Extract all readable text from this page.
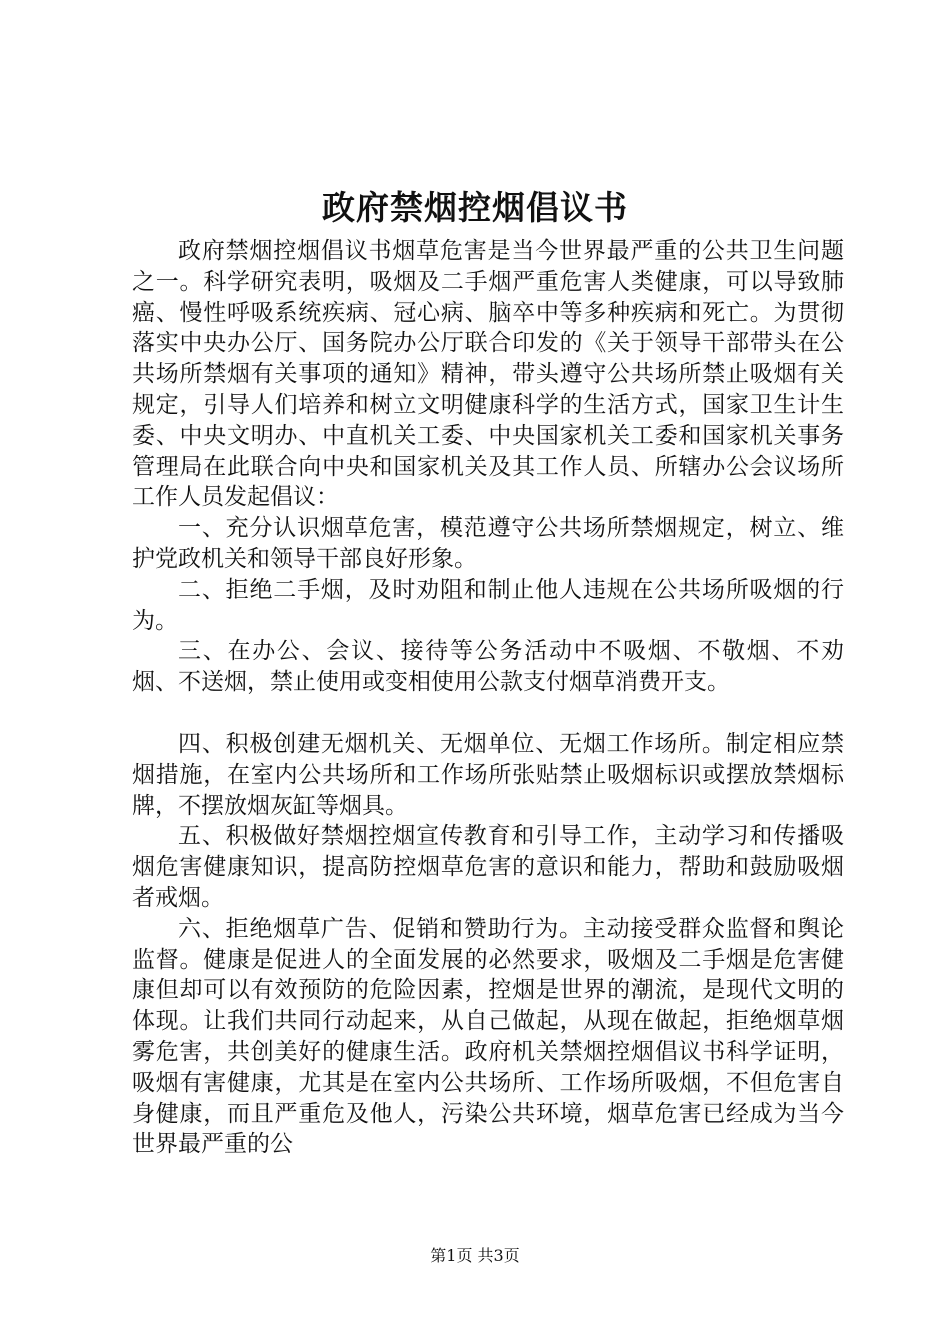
政府禁烟控烟倡议书

政府禁烟控烟倡议书烟草危害是当今世界最严重的公共卫生问题之一。科学研究表明，吸烟及二手烟严重危害人类健康，可以导致肺癌、慢性呼吸系统疾病、冠心病、脑卒中等多种疾病和死亡。为贯彻落实中央办公厅、国务院办公厅联合印发的《关于领导干部带头在公共场所禁烟有关事项的通知》精神，带头遵守公共场所禁止吸烟有关规定，引导人们培养和树立文明健康科学的生活方式，国家卫生计生委、中央文明办、中直机关工委、中央国家机关工委和国家机关事务管理局在此联合向中央和国家机关及其工作人员、所辖办公会议场所工作人员发起倡议：

一、充分认识烟草危害，模范遵守公共场所禁烟规定，树立、维护党政机关和领导干部良好形象。

二、拒绝二手烟，及时劝阻和制止他人违规在公共场所吸烟的行为。

三、在办公、会议、接待等公务活动中不吸烟、不敬烟、不劝烟、不送烟，禁止使用或变相使用公款支付烟草消费开支。

四、积极创建无烟机关、无烟单位、无烟工作场所。制定相应禁烟措施，在室内公共场所和工作场所张贴禁止吸烟标识或摆放禁烟标牌，不摆放烟灰缸等烟具。

五、积极做好禁烟控烟宣传教育和引导工作，主动学习和传播吸烟危害健康知识，提高防控烟草危害的意识和能力，帮助和鼓励吸烟者戒烟。

六、拒绝烟草广告、促销和赞助行为。主动接受群众监督和舆论监督。健康是促进人的全面发展的必然要求，吸烟及二手烟是危害健康但却可以有效预防的危险因素，控烟是世界的潮流，是现代文明的体现。让我们共同行动起来，从自己做起，从现在做起，拒绝烟草烟雾危害，共创美好的健康生活。政府机关禁烟控烟倡议书科学证明，吸烟有害健康，尤其是在室内公共场所、工作场所吸烟，不但危害自身健康，而且严重危及他人，污染公共环境，烟草危害已经成为当今世界最严重的公

第1页 共3页
